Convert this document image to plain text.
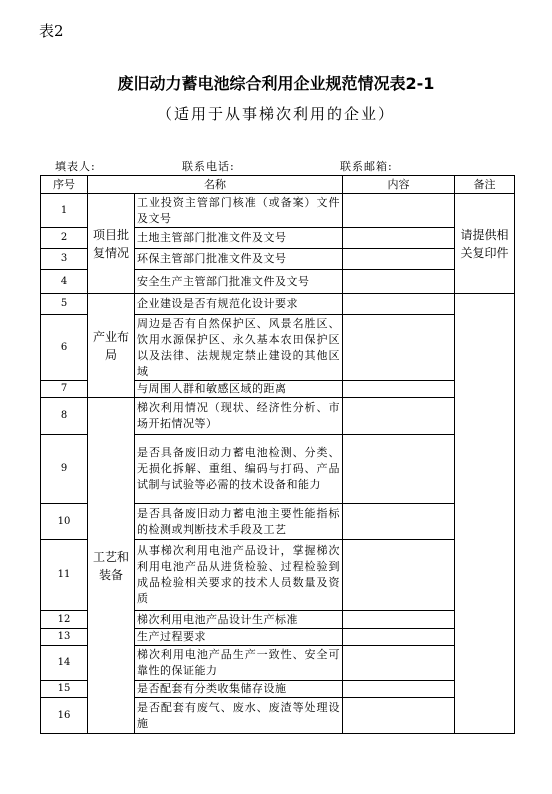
表2
废旧动力蓄电池综合利用企业规范情况表2-1
（适用于从事梯次利用的企业）
填表人:	联系电话:	联系邮箱:
序号	名称		内容	备注
1	项目批复情况	工业投资主管部门核准（或备案）文件及文号		请提供相关复印件
2		土地主管部门批准文件及文号		
3		环保主管部门批准文件及文号		
4		安全生产主管部门批准文件及文号		
5	产业布局	企业建设是否有规范化设计要求		
6		周边是否有自然保护区、风景名胜区、饮用水源保护区、永久基本农田保护区以及法律、法规规定禁止建设的其他区域		
7		与周围人群和敏感区域的距离		
8	工艺和装备	梯次利用情况（现状、经济性分析、市场开拓情况等）		
9		是否具备废旧动力蓄电池检测、分类、无损化拆解、重组、编码与打码、产品试制与试验等必需的技术设备和能力		
10		是否具备废旧动力蓄电池主要性能指标的检测或判断技术手段及工艺		
11		从事梯次利用电池产品设计，掌握梯次利用电池产品从进货检验、过程检验到成品检验相关要求的技术人员数量及资质		
12		梯次利用电池产品设计生产标准		
13		生产过程要求		
14		梯次利用电池产品生产一致性、安全可靠性的保证能力		
15		是否配套有分类收集储存设施		
16		是否配套有废气、废水、废渣等处理设施		
